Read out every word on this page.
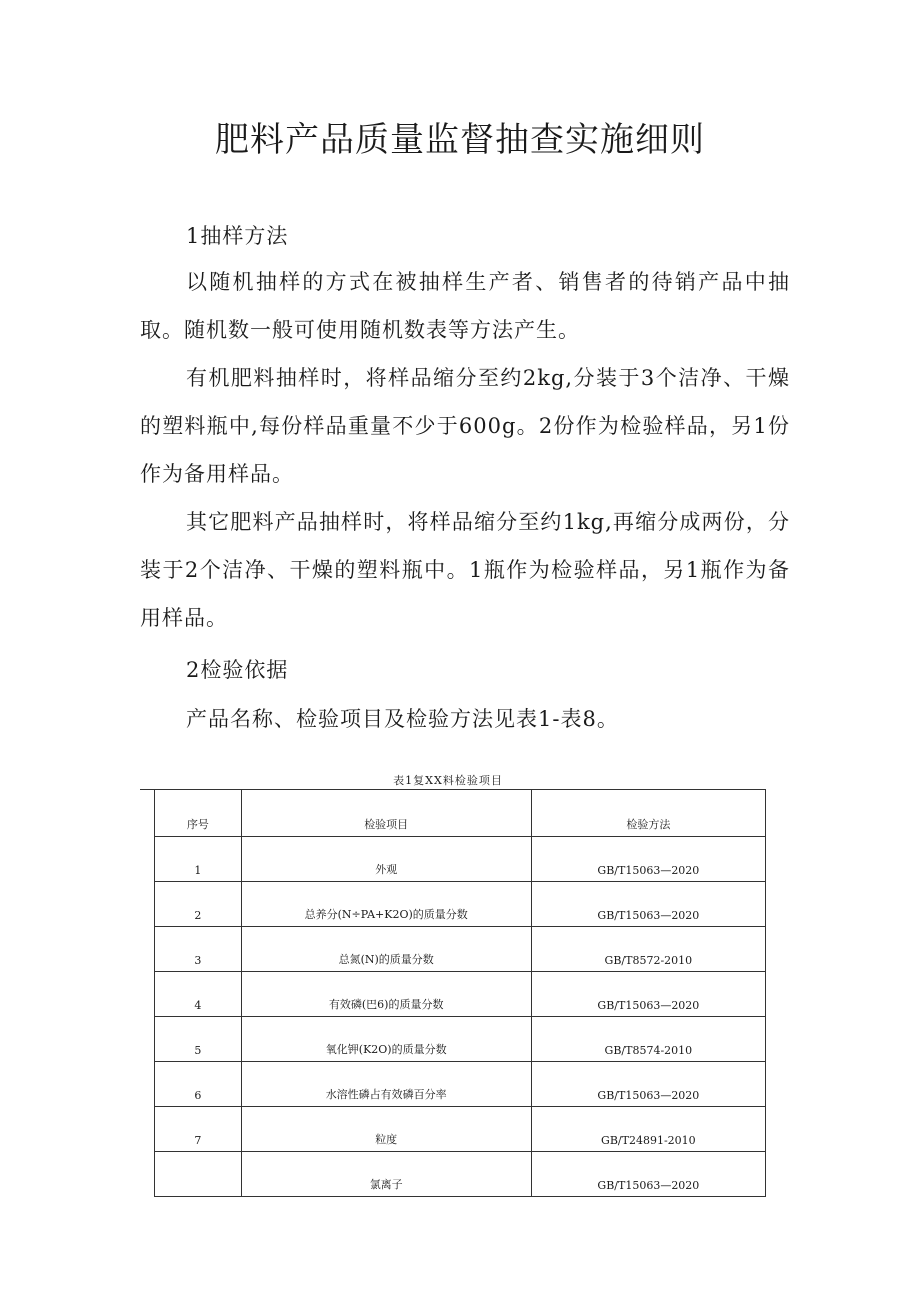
肥料产品质量监督抽查实施细则

1抽样方法

以随机抽样的方式在被抽样生产者、销售者的待销产品中抽取。随机数一般可使用随机数表等方法产生。

有机肥料抽样时，将样品缩分至约2kg,分装于3个洁净、干燥的塑料瓶中,每份样品重量不少于600g。2份作为检验样品，另1份作为备用样品。

其它肥料产品抽样时，将样品缩分至约1kg,再缩分成两份，分装于2个洁净、干燥的塑料瓶中。1瓶作为检验样品，另1瓶作为备用样品。

2检验依据

产品名称、检验项目及检验方法见表1-表8。

表1复XX料检验项目
序号	检验项目	检验方法
1	外观	GB/T15063—2020
2	总养分(N÷PA+K2O)的质量分数	GB/T15063—2020
3	总氮(N)的质量分数	GB/T8572-2010
4	有效磷(巴6)的质量分数	GB/T15063—2020
5	氧化钾(K2O)的质量分数	GB/T8574-2010
6	水溶性磷占有效磷百分率	GB/T15063—2020
7	粒度	GB/T24891-2010
	氯离子	GB/T15063—2020
